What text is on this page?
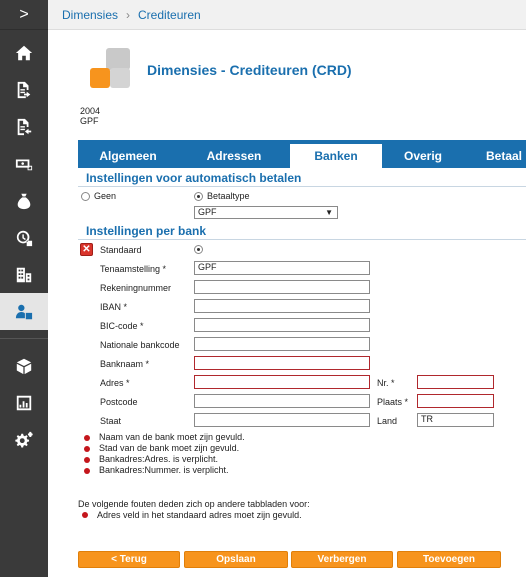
>	Dimensies › Crediteuren
Dimensies - Crediteuren (CRD)
2004
GPF
Algemeen	Adressen	Banken	Overig	Betaal
Instellingen voor automatisch betalen
Geen	Betaaltype
GPF	▼
Instellingen per bank
✕ Standaard
Tenaamstelling *	GPF
Rekeningnummer
IBAN *
BIC-code *
Nationale bankcode
Banknaam *
Adres *	Nr. *
Postcode	Plaats *
Staat	Land	TR
Naam van de bank moet zijn gevuld.
Stad van de bank moet zijn gevuld.
Bankadres:Adres. is verplicht.
Bankadres:Nummer. is verplicht.
De volgende fouten deden zich op andere tabbladen voor:
Adres veld in het standaard adres moet zijn gevuld.
< Terug	Opslaan	Verbergen	Toevoegen
